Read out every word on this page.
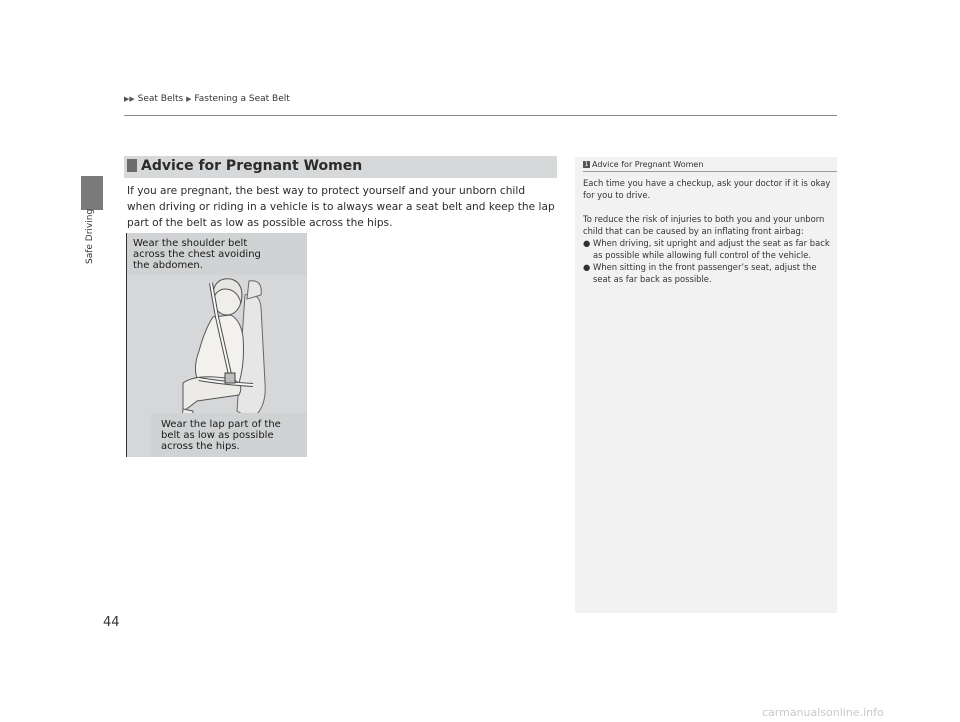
▶▶ Seat Belts ▶ Fastening a Seat Belt
Safe Driving
Advice for Pregnant Women
If you are pregnant, the best way to protect yourself and your unborn child when driving or riding in a vehicle is to always wear a seat belt and keep the lap part of the belt as low as possible across the hips.
Wear the shoulder belt
across the chest avoiding
the abdomen.
Wear the lap part of the
belt as low as possible
across the hips.
1 Advice for Pregnant Women

Each time you have a checkup, ask your doctor if it is okay for you to drive.

To reduce the risk of injuries to both you and your unborn child that can be caused by an inflating front airbag:

● When driving, sit upright and adjust the seat as far back as possible while allowing full control of the vehicle.

● When sitting in the front passenger’s seat, adjust the seat as far back as possible.

44
carmanualsonline.info
